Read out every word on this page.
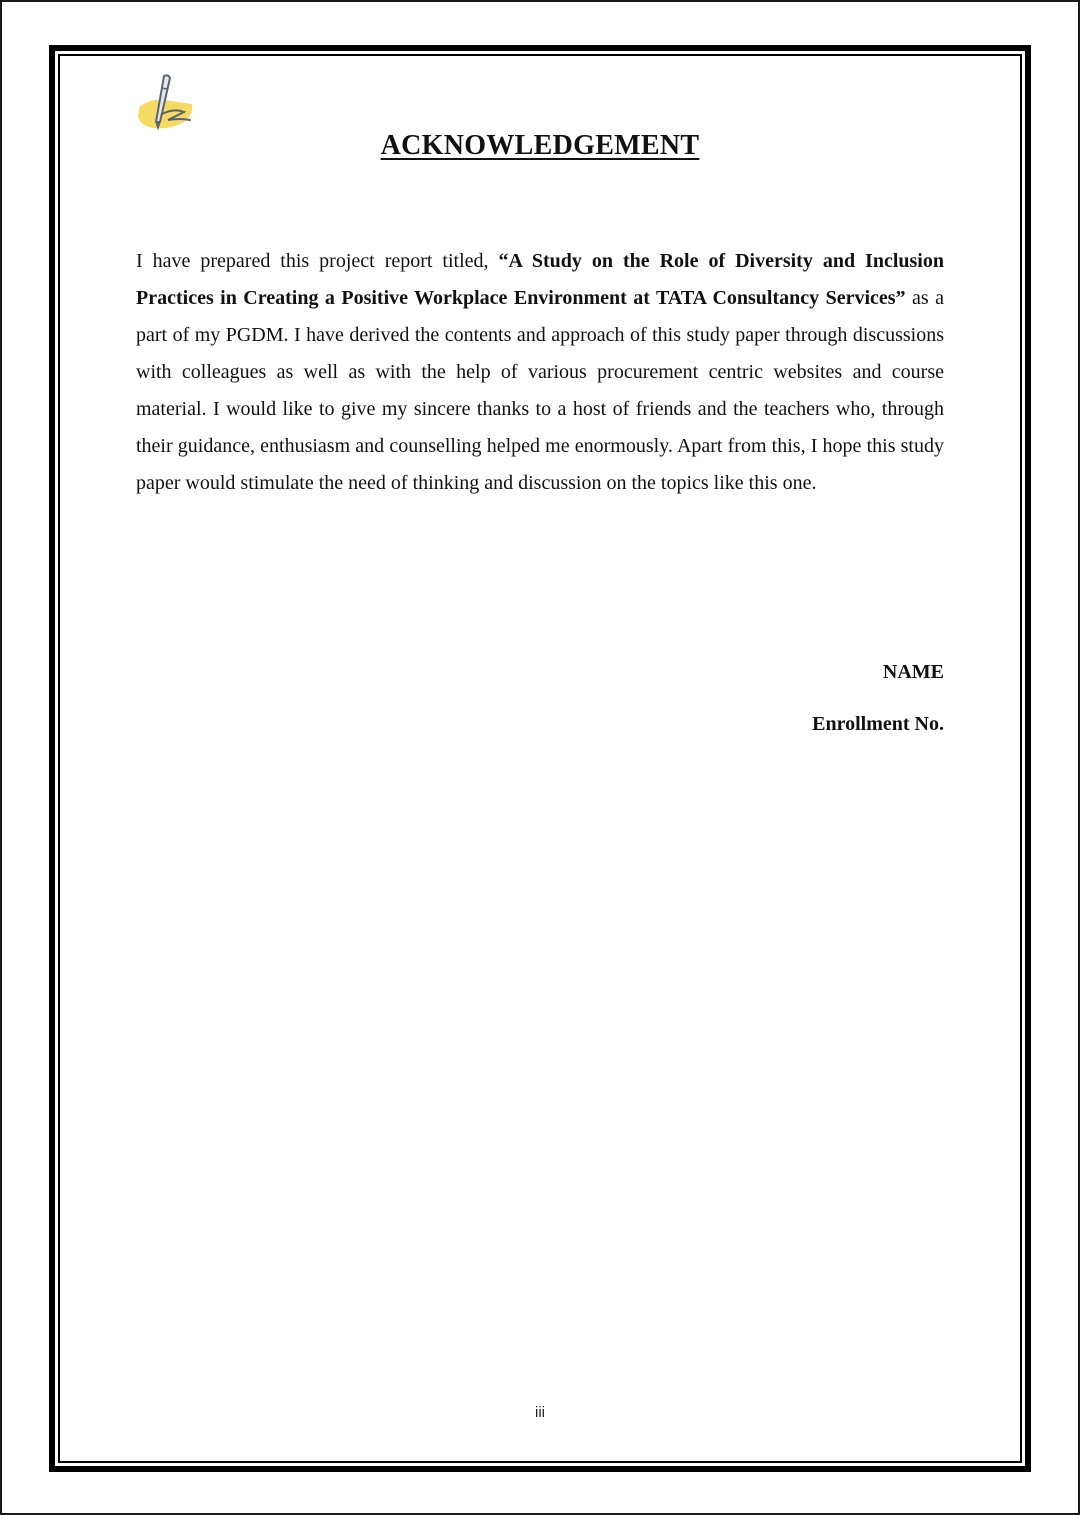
ACKNOWLEDGEMENT

I have prepared this project report titled, “A Study on the Role of Diversity and Inclusion Practices in Creating a Positive Workplace Environment at TATA Consultancy Services” as a part of my PGDM. I have derived the contents and approach of this study paper through discussions with colleagues as well as with the help of various procurement centric websites and course material. I would like to give my sincere thanks to a host of friends and the teachers who, through their guidance, enthusiasm and counselling helped me enormously. Apart from this, I hope this study paper would stimulate the need of thinking and discussion on the topics like this one.

NAME
Enrollment No.
iii
